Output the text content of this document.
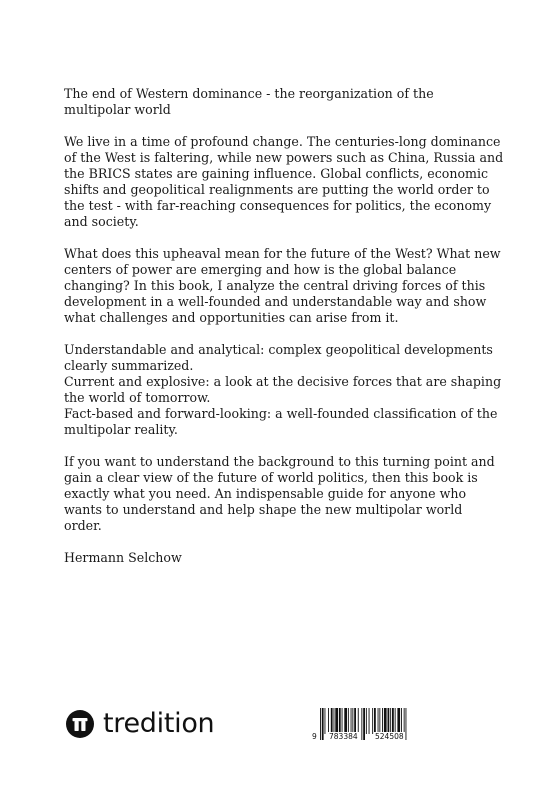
The end of Western dominance - the reorganization of the multipolar world

We live in a time of profound change. The centuries-long dominance of the West is faltering, while new powers such as China, Russia and the BRICS states are gaining influence. Global conflicts, economic shifts and geopolitical realignments are putting the world order to the test - with far-reaching consequences for politics, the economy and society.

What does this upheaval mean for the future of the West? What new centers of power are emerging and how is the global balance changing? In this book, I analyze the central driving forces of this development in a well-founded and understandable way and show what challenges and opportunities can arise from it.

Understandable and analytical: complex geopolitical developments clearly summarized.

Current and explosive: a look at the decisive forces that are shaping the world of tomorrow.

Fact-based and forward-looking: a well-founded classification of the multipolar reality.

If you want to understand the background to this turning point and gain a clear view of the future of world politics, then this book is exactly what you need. An indispensable guide for anyone who wants to understand and help shape the new multipolar world order.

Hermann Selchow

tredition	9 783384 524508
